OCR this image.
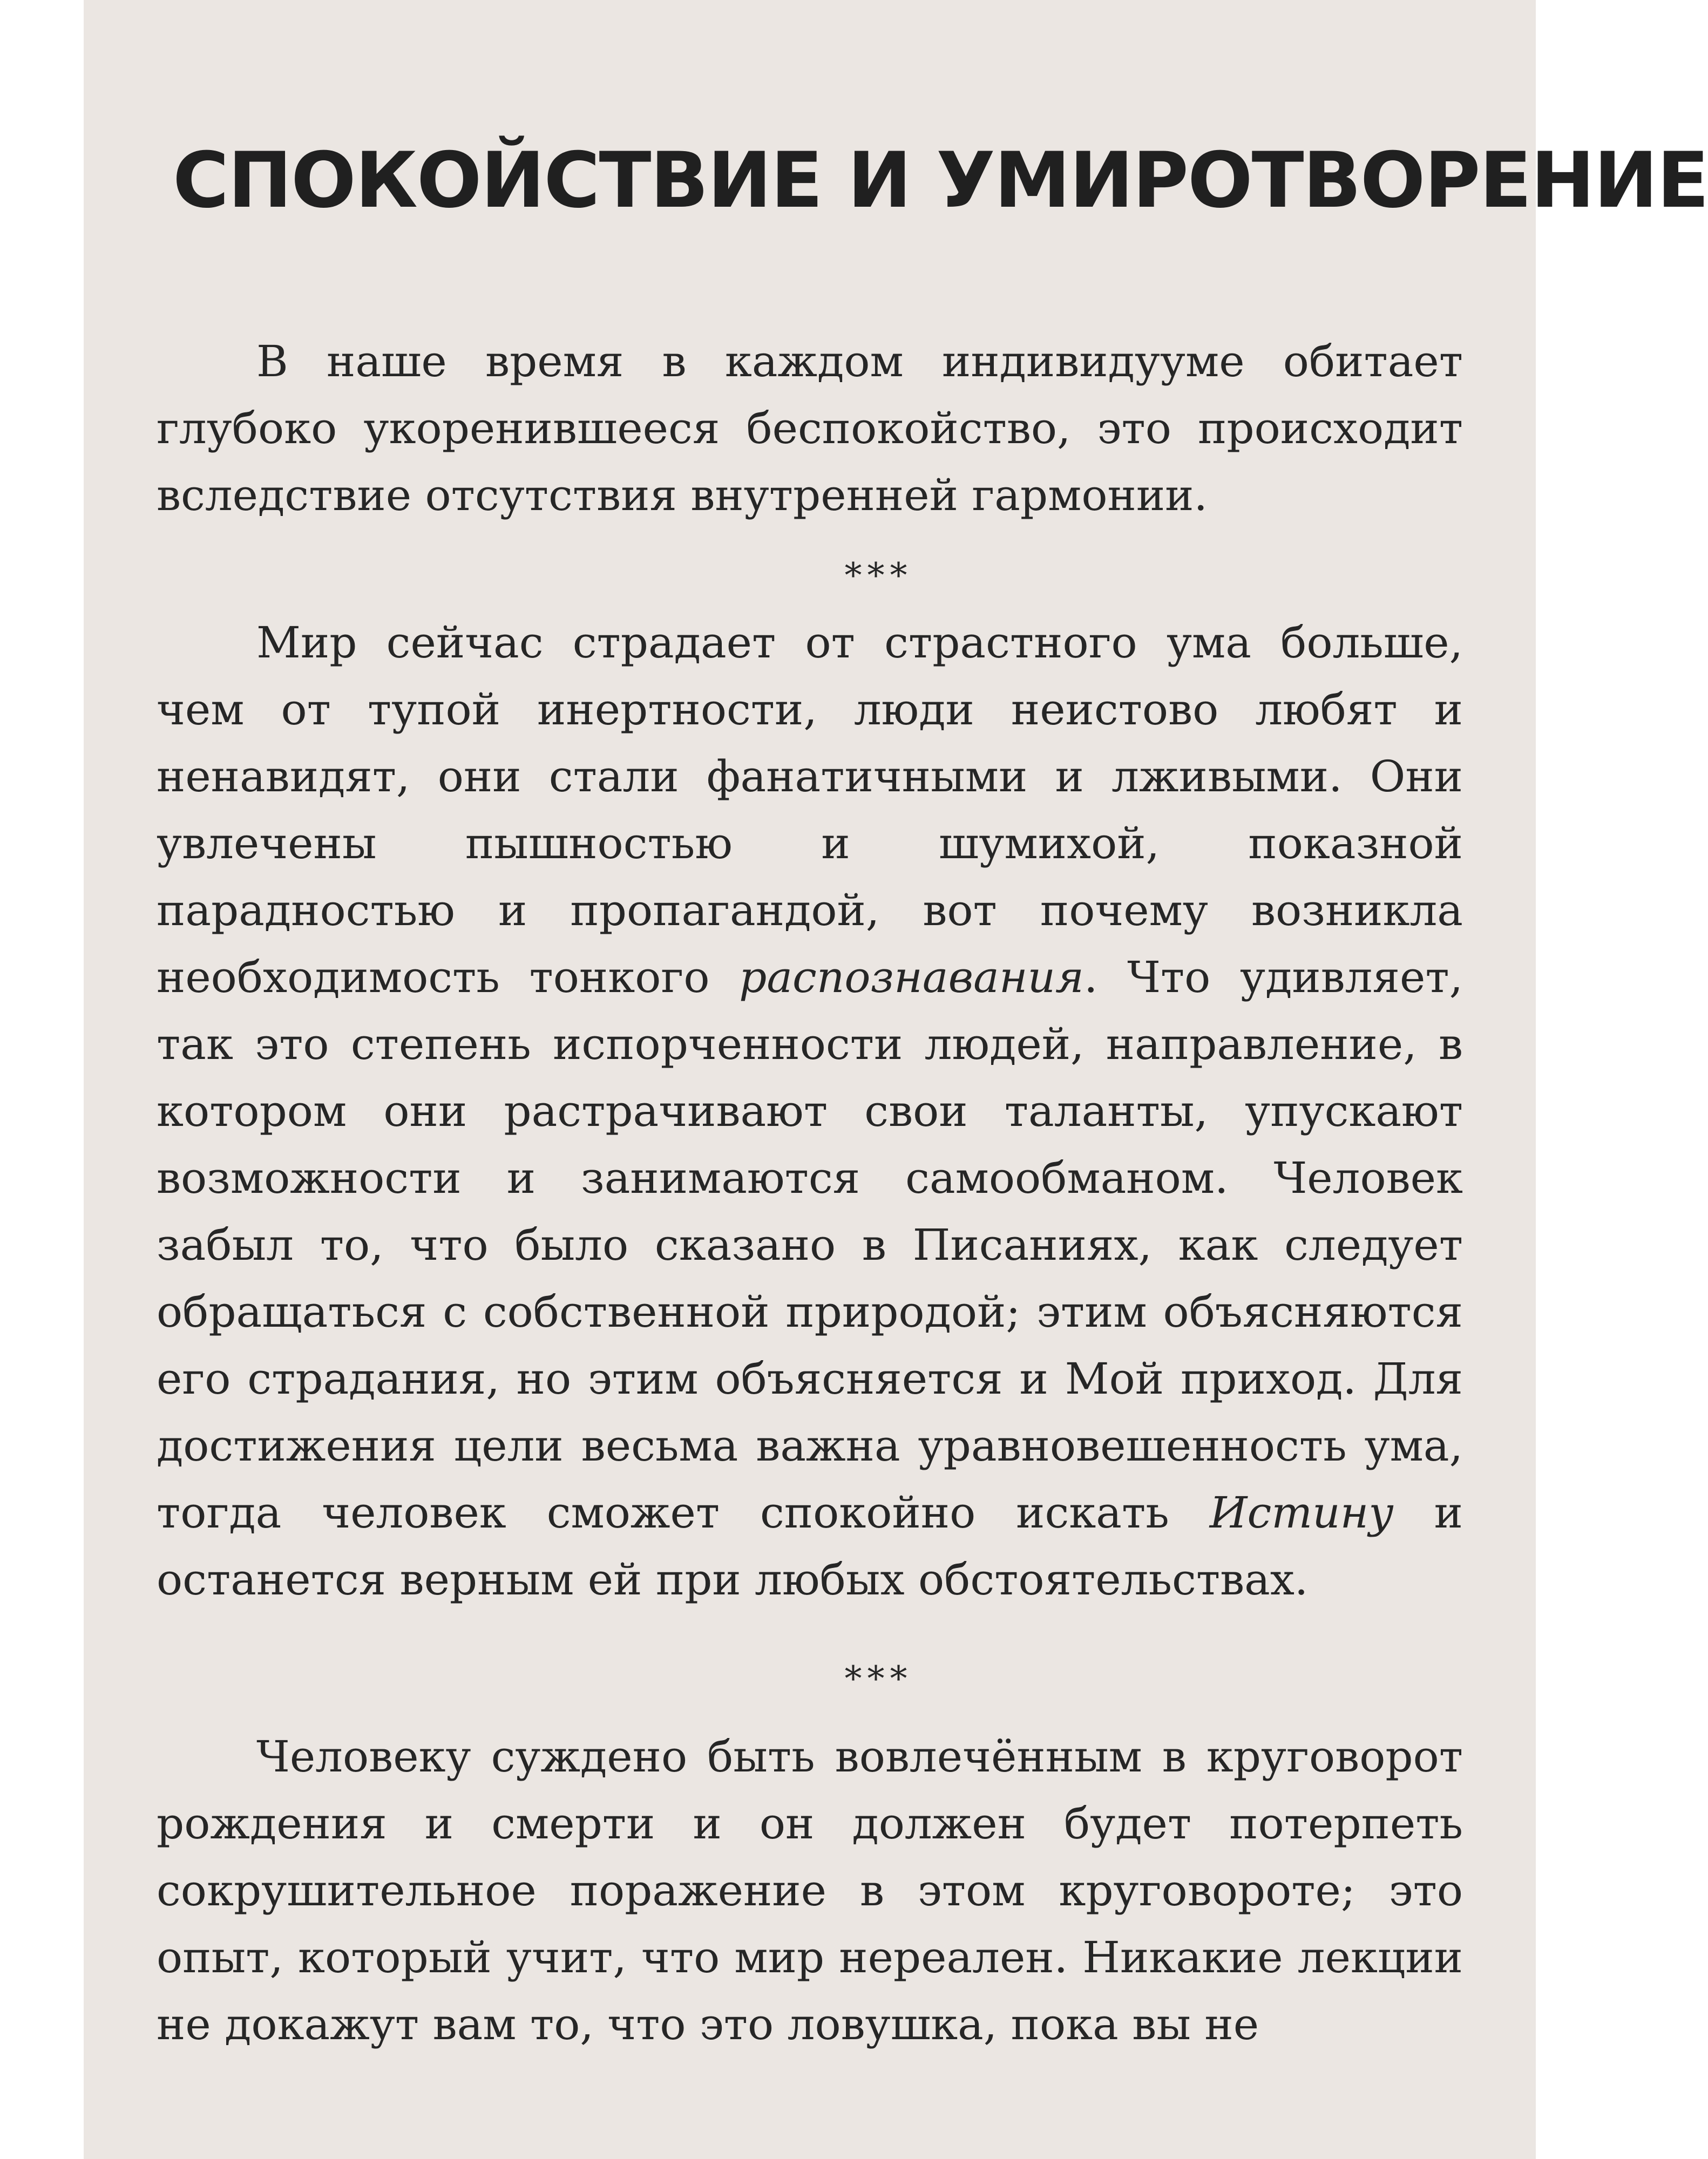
СПОКОЙСТВИЕ И УМИРОТВОРЕНИЕ

В наше время в каждом индивидууме обитает глубоко укоренившееся беспокойство, это происходит вследствие отсутствия внутренней гармонии.

***

Мир сейчас страдает от страстного ума больше, чем от тупой инертности, люди неистово любят и ненавидят, они стали фанатичными и лживыми. Они увлечены пышностью и шумихой, показной парадностью и пропагандой, вот почему возникла необходимость тонкого распознавания. Что удивляет, так это степень испорченности людей, направление, в котором они растрачивают свои таланты, упускают возможности и занимаются самообманом. Человек забыл то, что было сказано в Писаниях, как следует обращаться с собственной природой; этим объясняются его страдания, но этим объясняется и Мой приход. Для достижения цели весьма важна уравновешенность ума, тогда человек сможет спокойно искать Истину и останется верным ей при любых обстоятельствах.

***

Человеку суждено быть вовлечённым в круговорот рождения и смерти и он должен будет потерпеть сокрушительное поражение в этом круговороте; это опыт, который учит, что мир нереален. Никакие лекции не докажут вам то, что это ловушка, пока вы не
